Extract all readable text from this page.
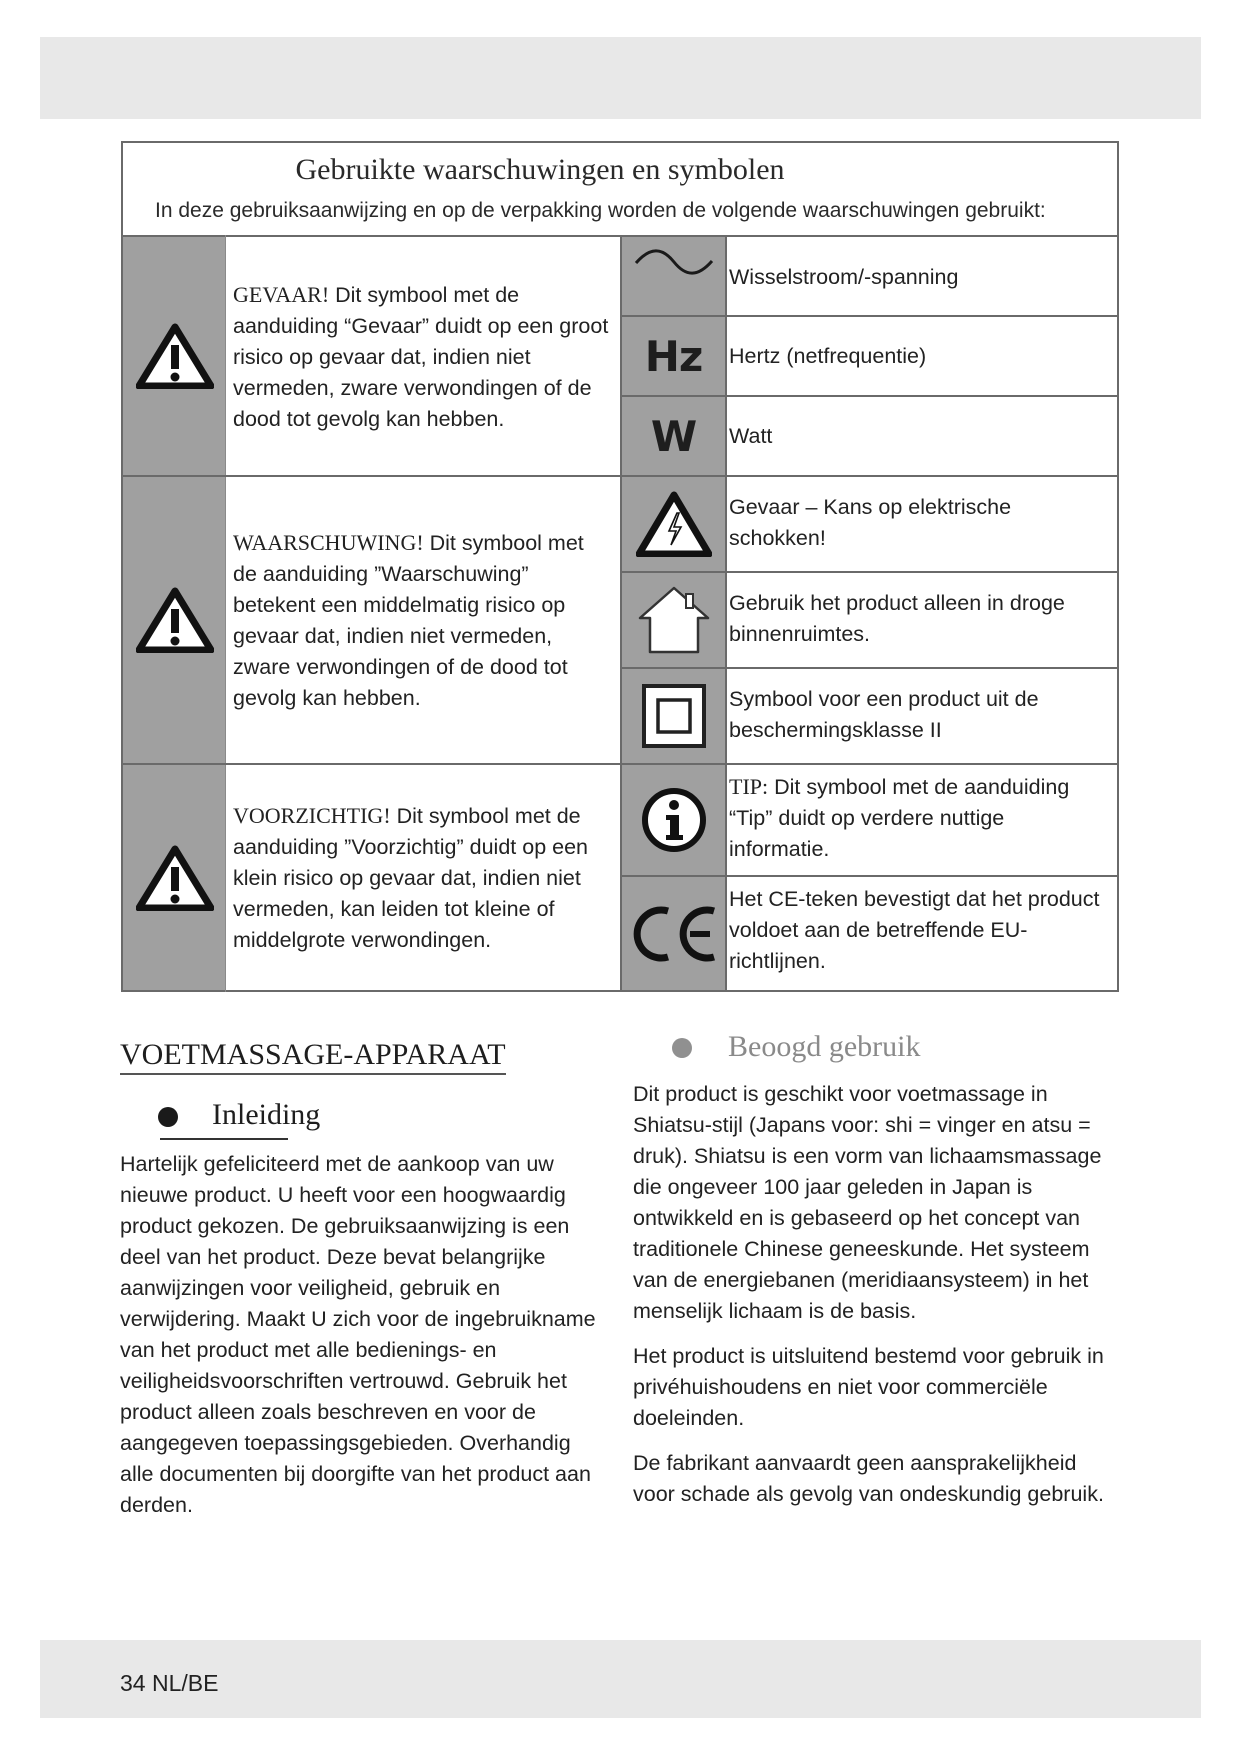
Gebruikte waarschuwingen en symbolen
In deze gebruiksaanwijzing en op de verpakking worden de volgende waarschuwingen gebruikt:
GEVAAR! Dit symbool met de aanduiding “Gevaar” duidt op een groot risico op gevaar dat, indien niet vermeden, zware verwondingen of de dood tot gevolg kan hebben.
WAARSCHUWING! Dit symbool met de aanduiding ”Waarschuwing” betekent een middelmatig risico op gevaar dat, indien niet vermeden, zware verwondingen of de dood tot gevolg kan hebben.
VOORZICHTIG! Dit symbool met de aanduiding ”Voorzichtig” duidt op een klein risico op gevaar dat, indien niet vermeden, kan leiden tot kleine of middelgrote verwondingen.
Wisselstroom/-spanning
Hz Hertz (netfrequentie)
W Watt
Gevaar – Kans op elektrische schokken!
Gebruik het product alleen in droge binnenruimtes.
Symbool voor een product uit de beschermingsklasse II
TIP: Dit symbool met de aanduiding “Tip” duidt op verdere nuttige informatie.
Het CE-teken bevestigt dat het product voldoet aan de betreffende EU-richtlijnen.
VOETMASSAGE-APPARAAT
Inleiding

Hartelijk gefeliciteerd met de aankoop van uw nieuwe product. U heeft voor een hoogwaardig product gekozen. De gebruiksaanwijzing is een deel van het product. Deze bevat belangrijke aanwijzingen voor veiligheid, gebruik en verwijdering. Maakt U zich voor de ingebruikname van het product met alle bedienings- en veiligheidsvoorschriften vertrouwd. Gebruik het product alleen zoals beschreven en voor de aangegeven toepassingsgebieden. Overhandig alle documenten bij doorgifte van het product aan derden.

Beoogd gebruik

Dit product is geschikt voor voetmassage in Shiatsu-stijl (Japans voor: shi = vinger en atsu = druk). Shiatsu is een vorm van lichaamsmassage die ongeveer 100 jaar geleden in Japan is ontwikkeld en is gebaseerd op het concept van traditionele Chinese geneeskunde. Het systeem van de energiebanen (meridiaansysteem) in het menselijk lichaam is de basis.

Het product is uitsluitend bestemd voor gebruik in privéhuishoudens en niet voor commerciële doeleinden.

De fabrikant aanvaardt geen aansprakelijkheid voor schade als gevolg van ondeskundig gebruik.

34 NL/BE
